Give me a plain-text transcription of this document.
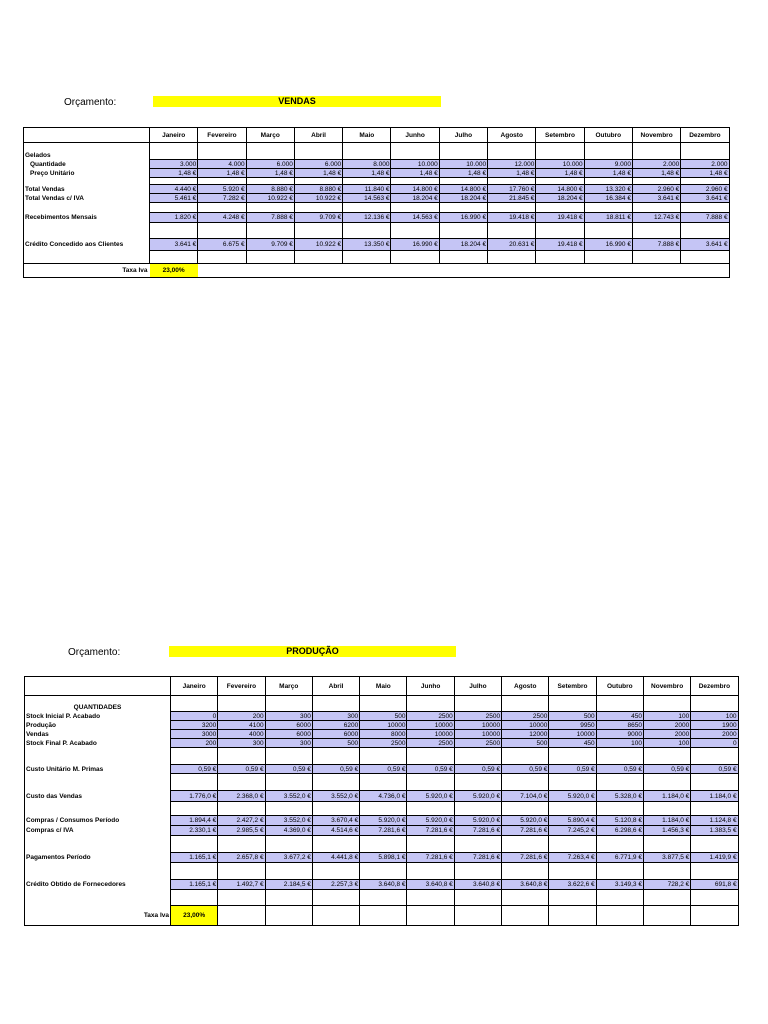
Orçamento:	VENDAS
	Janeiro	Fevereiro	Março	Abril	Maio	Junho	Julho	Agosto	Setembro	Outubro	Novembro	Dezembro

Gelados												
Quantidade	3.000	4.000	6.000	6.000	8.000	10.000	10.000	12.000	10.000	9.000	2.000	2.000
Preço Unitário	1,48 €	1,48 €	1,48 €	1,48 €	1,48 €	1,48 €	1,48 €	1,48 €	1,48 €	1,48 €	1,48 €	1,48 €

Total Vendas	4.440 €	5.920 €	8.880 €	8.880 €	11.840 €	14.800 €	14.800 €	17.760 €	14.800 €	13.320 €	2.960 €	2.960 €
Total Vendas c/ IVA	5.461 €	7.282 €	10.922 €	10.922 €	14.563 €	18.204 €	18.204 €	21.845 €	18.204 €	16.384 €	3.641 €	3.641 €

Recebimentos Mensais	1.820 €	4.248 €	7.888 €	9.709 €	12.136 €	14.563 €	16.990 €	19.418 €	19.418 €	18.811 €	12.743 €	7.888 €

Crédito Concedido aos Clientes	3.641 €	6.675 €	9.709 €	10.922 €	13.350 €	16.990 €	18.204 €	20.631 €	19.418 €	16.990 €	7.888 €	3.641 €

Taxa Iva	23,00%											
Orçamento:	PRODUÇÃO
	Janeiro	Fevereiro	Março	Abril	Maio	Junho	Julho	Agosto	Setembro	Outubro	Novembro	Dezembro

QUANTIDADES												
Stock Inicial P. Acabado	0	200	300	300	500	2500	2500	2500	500	450	100	100
Produção	3200	4100	6000	6200	10000	10000	10000	10000	9950	8650	2000	1900
Vendas	3000	4000	6000	6000	8000	10000	10000	12000	10000	9000	2000	2000
Stock Final P. Acabado	200	300	300	500	2500	2500	2500	500	450	100	100	0

Custo Unitário M. Primas	0,59 €	0,59 €	0,59 €	0,59 €	0,59 €	0,59 €	0,59 €	0,59 €	0,59 €	0,59 €	0,59 €	0,59 €

Custo das Vendas	1.776,0 €	2.368,0 €	3.552,0 €	3.552,0 €	4.736,0 €	5.920,0 €	5.920,0 €	7.104,0 €	5.920,0 €	5.328,0 €	1.184,0 €	1.184,0 €

Compras / Consumos Período	1.894,4 €	2.427,2 €	3.552,0 €	3.670,4 €	5.920,0 €	5.920,0 €	5.920,0 €	5.920,0 €	5.890,4 €	5.120,8 €	1.184,0 €	1.124,8 €
Compras c/ IVA	2.330,1 €	2.985,5 €	4.369,0 €	4.514,6 €	7.281,6 €	7.281,6 €	7.281,6 €	7.281,6 €	7.245,2 €	6.298,6 €	1.456,3 €	1.383,5 €

Pagamentos Período	1.165,1 €	2.657,8 €	3.677,2 €	4.441,8 €	5.898,1 €	7.281,6 €	7.281,6 €	7.281,6 €	7.263,4 €	6.771,9 €	3.877,5 €	1.419,9 €

Crédito Obtido de Fornecedores	1.165,1 €	1.492,7 €	2.184,5 €	2.257,3 €	3.640,8 €	3.640,8 €	3.640,8 €	3.640,8 €	3.622,6 €	3.149,3 €	728,2 €	691,8 €

Taxa Iva	23,00%											
